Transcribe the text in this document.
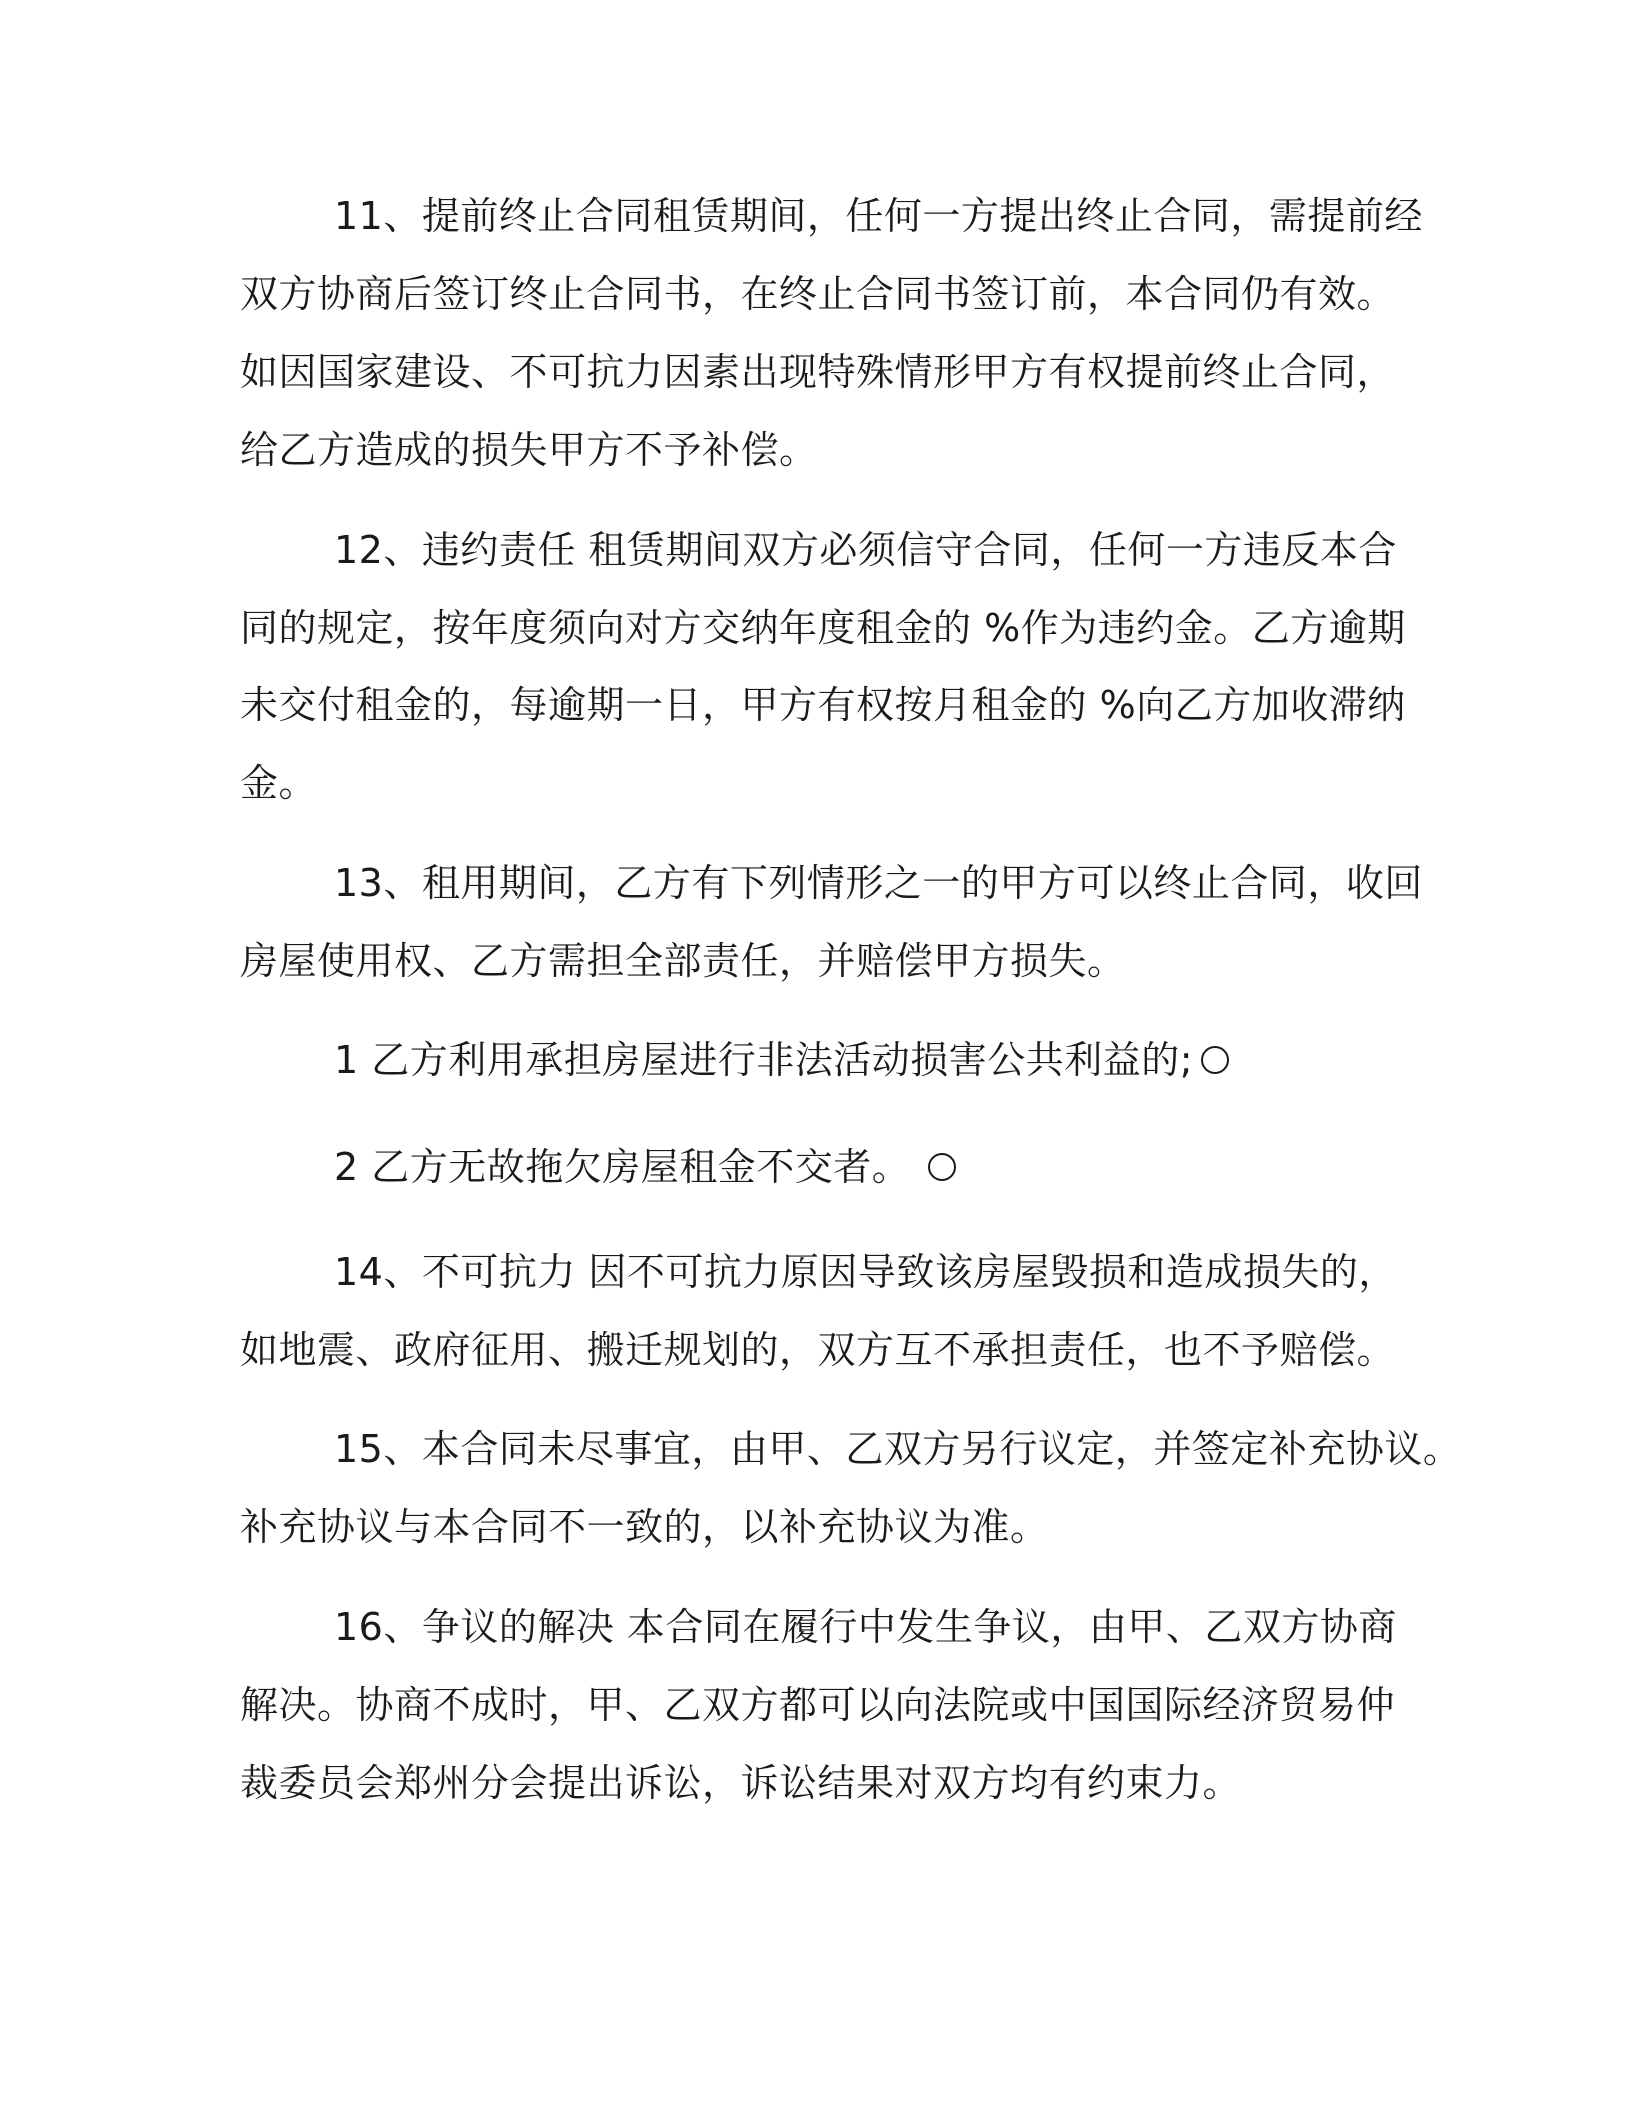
11、提前终止合同租赁期间，任何一方提出终止合同，需提前经
双方协商后签订终止合同书，在终止合同书签订前，本合同仍有效。
如因国家建设、不可抗力因素出现特殊情形甲方有权提前终止合同，
给乙方造成的损失甲方不予补偿。
12、违约责任 租赁期间双方必须信守合同，任何一方违反本合
同的规定，按年度须向对方交纳年度租金的 %作为违约金。乙方逾期
未交付租金的，每逾期一日，甲方有权按月租金的 %向乙方加收滞纳
金。
13、租用期间，乙方有下列情形之一的甲方可以终止合同，收回
房屋使用权、乙方需担全部责任，并赔偿甲方损失。
1 乙方利用承担房屋进行非法活动损害公共利益的;
2 乙方无故拖欠房屋租金不交者。
14、不可抗力 因不可抗力原因导致该房屋毁损和造成损失的，
如地震、政府征用、搬迁规划的，双方互不承担责任，也不予赔偿。
15、本合同未尽事宜，由甲、乙双方另行议定，并签定补充协议。
补充协议与本合同不一致的，以补充协议为准。
16、争议的解决 本合同在履行中发生争议，由甲、乙双方协商
解决。协商不成时，甲、乙双方都可以向法院或中国国际经济贸易仲
裁委员会郑州分会提出诉讼，诉讼结果对双方均有约束力。
